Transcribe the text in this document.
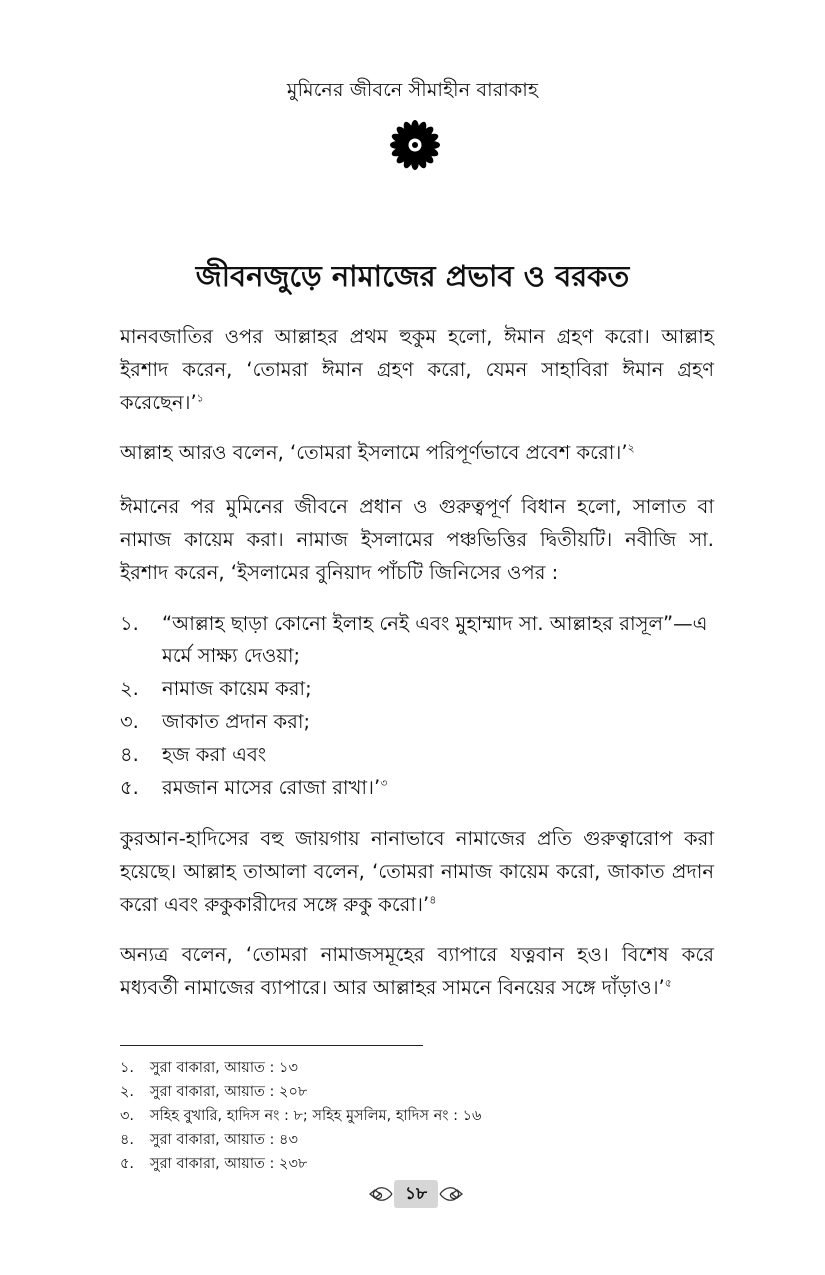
মুমিনের জীবনে সীমাহীন বারাকাহ
জীবনজুড়ে নামাজের প্রভাব ও বরকত

মানবজাতির ওপর আল্লাহর প্রথম হুকুম হলো, ঈমান গ্রহণ করো। আল্লাহ ইরশাদ করেন, ‘তোমরা ঈমান গ্রহণ করো, যেমন সাহাবিরা ঈমান গ্রহণ করেছেন।’$^১$

আল্লাহ আরও বলেন, ‘তোমরা ইসলামে পরিপূর্ণভাবে প্রবেশ করো।’$^২$

ঈমানের পর মুমিনের জীবনে প্রধান ও গুরুত্বপূর্ণ বিধান হলো, সালাত বা নামাজ কায়েম করা। নামাজ ইসলামের পঞ্চভিত্তির দ্বিতীয়টি। নবীজি সা. ইরশাদ করেন, ‘ইসলামের বুনিয়াদ পাঁচটি জিনিসের ওপর :

১.	“আল্লাহ ছাড়া কোনো ইলাহ নেই এবং মুহাম্মাদ সা. আল্লাহর রাসূল”—এ মর্মে সাক্ষ্য দেওয়া;
২.	নামাজ কায়েম করা;
৩.	জাকাত প্রদান করা;
৪.	হজ করা এবং
৫.	রমজান মাসের রোজা রাখা।’$^৩$

কুরআন-হাদিসের বহু জায়গায় নানাভাবে নামাজের প্রতি গুরুত্বারোপ করা হয়েছে। আল্লাহ তাআলা বলেন, ‘তোমরা নামাজ কায়েম করো, জাকাত প্রদান করো এবং রুকুকারীদের সঙ্গে রুকু করো।’$^৪$

অন্যত্র বলেন, ‘তোমরা নামাজসমূহের ব্যাপারে যত্নবান হও। বিশেষ করে মধ্যবর্তী নামাজের ব্যাপারে। আর আল্লাহর সামনে বিনয়ের সঙ্গে দাঁড়াও।’$^৫$

১.	সুরা বাকারা, আয়াত : ১৩
২.	সুরা বাকারা, আয়াত : ২০৮
৩.	সহিহ বুখারি, হাদিস নং : ৮; সহিহ মুসলিম, হাদিস নং : ১৬
৪.	সুরা বাকারা, আয়াত : ৪৩
৫.	সুরা বাকারা, আয়াত : ২৩৮
১৮
